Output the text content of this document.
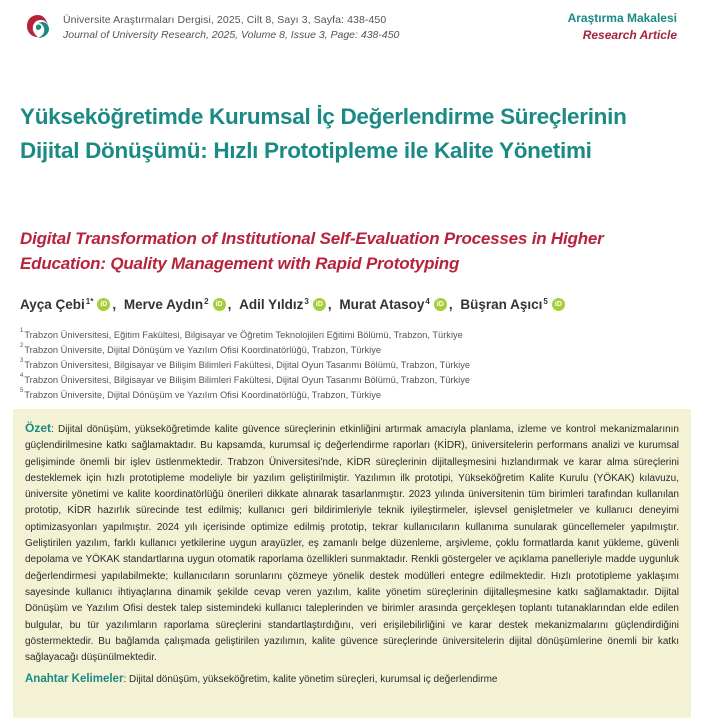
Üniversite Araştırmaları Dergisi, 2025, Cilt 8, Sayı 3, Sayfa: 438-450
Journal of University Research, 2025, Volume 8, Issue 3, Page: 438-450
Araştırma Makalesi
Research Article
Yükseköğretimde Kurumsal İç Değerlendirme Süreçlerinin Dijital Dönüşümü: Hızlı Prototipleme ile Kalite Yönetimi
Digital Transformation of Institutional Self-Evaluation Processes in Higher Education: Quality Management with Rapid Prototyping
Ayça Çebi$^{1*}$	iD , Merve Aydın$^2$	iD , Adil Yıldız$^3$	iD , Murat Atasoy$^4$	iD , Büşran Aşıcı$^5$	iD
$^1$Trabzon Üniversitesi, Eğitim Fakültesi, Bilgisayar ve Öğretim Teknolojileri Eğitimi Bölümü, Trabzon, Türkiye
$^2$Trabzon Üniversite, Dijital Dönüşüm ve Yazılım Ofisi Koordinatörlüğü, Trabzon, Türkiye
$^3$Trabzon Üniversitesi, Bilgisayar ve Bilişim Bilimleri Fakültesi, Dijital Oyun Tasarımı Bölümü, Trabzon, Türkiye
$^4$Trabzon Üniversitesi, Bilgisayar ve Bilişim Bilimleri Fakültesi, Dijital Oyun Tasarımı Bölümü, Trabzon, Türkiye
$^5$Trabzon Üniversite, Dijital Dönüşüm ve Yazılım Ofisi Koordinatörlüğü, Trabzon, Türkiye

Özet: Dijital dönüşüm, yükseköğretimde kalite güvence süreçlerinin etkinliğini artırmak amacıyla planlama, izleme ve kontrol mekanizmalarının güçlendirilmesine katkı sağlamaktadır. Bu kapsamda, kurumsal iç değerlendirme raporları (KİDR), üniversitelerin performans analizi ve kurumsal gelişiminde önemli bir işlev üstlenmektedir. Trabzon Üniversitesi'nde, KİDR süreçlerinin dijitalleşmesini hızlandırmak ve karar alma süreçlerini desteklemek için hızlı prototipleme modeliyle bir yazılım geliştirilmiştir. Yazılımın ilk prototipi, Yükseköğretim Kalite Kurulu (YÖKAK) kılavuzu, üniversite yönetimi ve kalite koordinatörlüğü önerileri dikkate alınarak tasarlanmıştır. 2023 yılında üniversitenin tüm birimleri tarafından kullanılan prototip, KİDR hazırlık sürecinde test edilmiş; kullanıcı geri bildirimleriyle teknik iyileştirmeler, işlevsel genişletmeler ve kullanıcı deneyimi optimizasyonları yapılmıştır. 2024 yılı içerisinde optimize edilmiş prototip, tekrar kullanıcıların kullanıma sunularak güncellemeler yapılmıştır. Geliştirilen yazılım, farklı kullanıcı yetkilerine uygun arayüzler, eş zamanlı belge düzenleme, arşivleme, çoklu formatlarda kanıt yükleme, güvenli depolama ve YÖKAK standartlarına uygun otomatik raporlama özellikleri sunmaktadır. Renkli göstergeler ve açıklama panelleriyle madde uygunluk değerlendirmesi yapılabilmekte; kullanıcıların sorunlarını çözmeye yönelik destek modülleri entegre edilmektedir. Hızlı prototipleme yaklaşımı sayesinde kullanıcı ihtiyaçlarına dinamik şekilde cevap veren yazılım, kalite yönetim süreçlerinin dijitalleşmesine katkı sağlamaktadır. Dijital Dönüşüm ve Yazılım Ofisi destek talep sistemindeki kullanıcı taleplerinden ve birimler arasında gerçekleşen toplantı tutanaklarından elde edilen bulgular, bu tür yazılımların raporlama süreçlerini standartlaştırdığını, veri erişilebilirliğini ve karar destek mekanizmalarını güçlendirdiğini göstermektedir. Bu bağlamda çalışmada geliştirilen yazılımın, kalite güvence süreçlerinde üniversitelerin dijital dönüşümlerine önemli bir katkı sağlayacağı düşünülmektedir.

Anahtar Kelimeler: Dijital dönüşüm, yükseköğretim, kalite yönetim süreçleri, kurumsal iç değerlendirme
